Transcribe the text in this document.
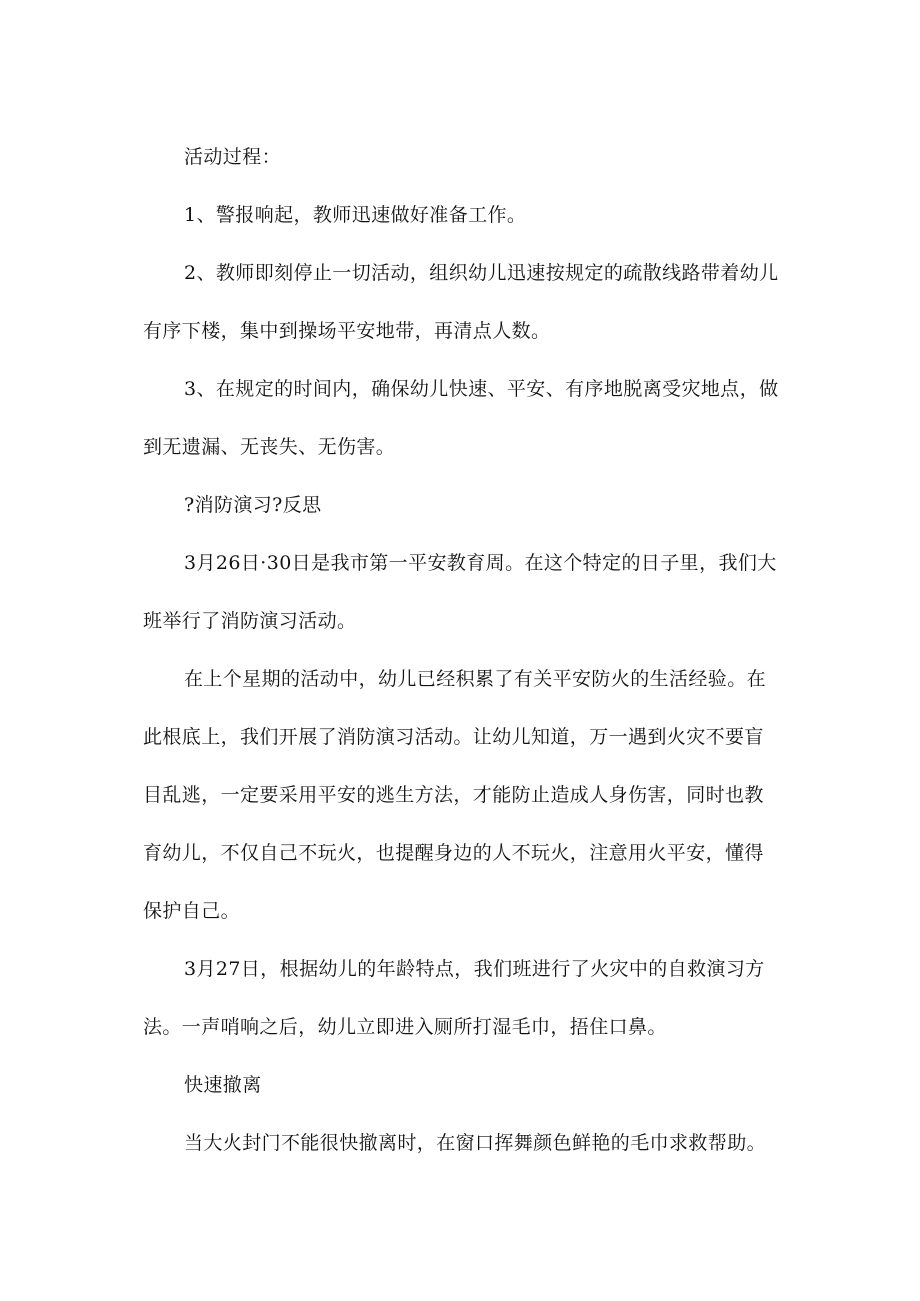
活动过程：

1、警报响起，教师迅速做好准备工作。

2、教师即刻停止一切活动，组织幼儿迅速按规定的疏散线路带着幼儿有序下楼，集中到操场平安地带，再清点人数。

3、在规定的时间内，确保幼儿快速、平安、有序地脱离受灾地点，做到无遗漏、无丧失、无伤害。

?消防演习?反思

3月26日·30日是我市第一平安教育周。在这个特定的日子里，我们大班举行了消防演习活动。

在上个星期的活动中，幼儿已经积累了有关平安防火的生活经验。在此根底上，我们开展了消防演习活动。让幼儿知道，万一遇到火灾不要盲目乱逃，一定要采用平安的逃生方法，才能防止造成人身伤害，同时也教育幼儿，不仅自己不玩火，也提醒身边的人不玩火，注意用火平安，懂得保护自己。

3月27日，根据幼儿的年龄特点，我们班进行了火灾中的自救演习方法。一声哨响之后，幼儿立即进入厕所打湿毛巾，捂住口鼻。

快速撤离

当大火封门不能很快撤离时，在窗口挥舞颜色鲜艳的毛巾求救帮助。
